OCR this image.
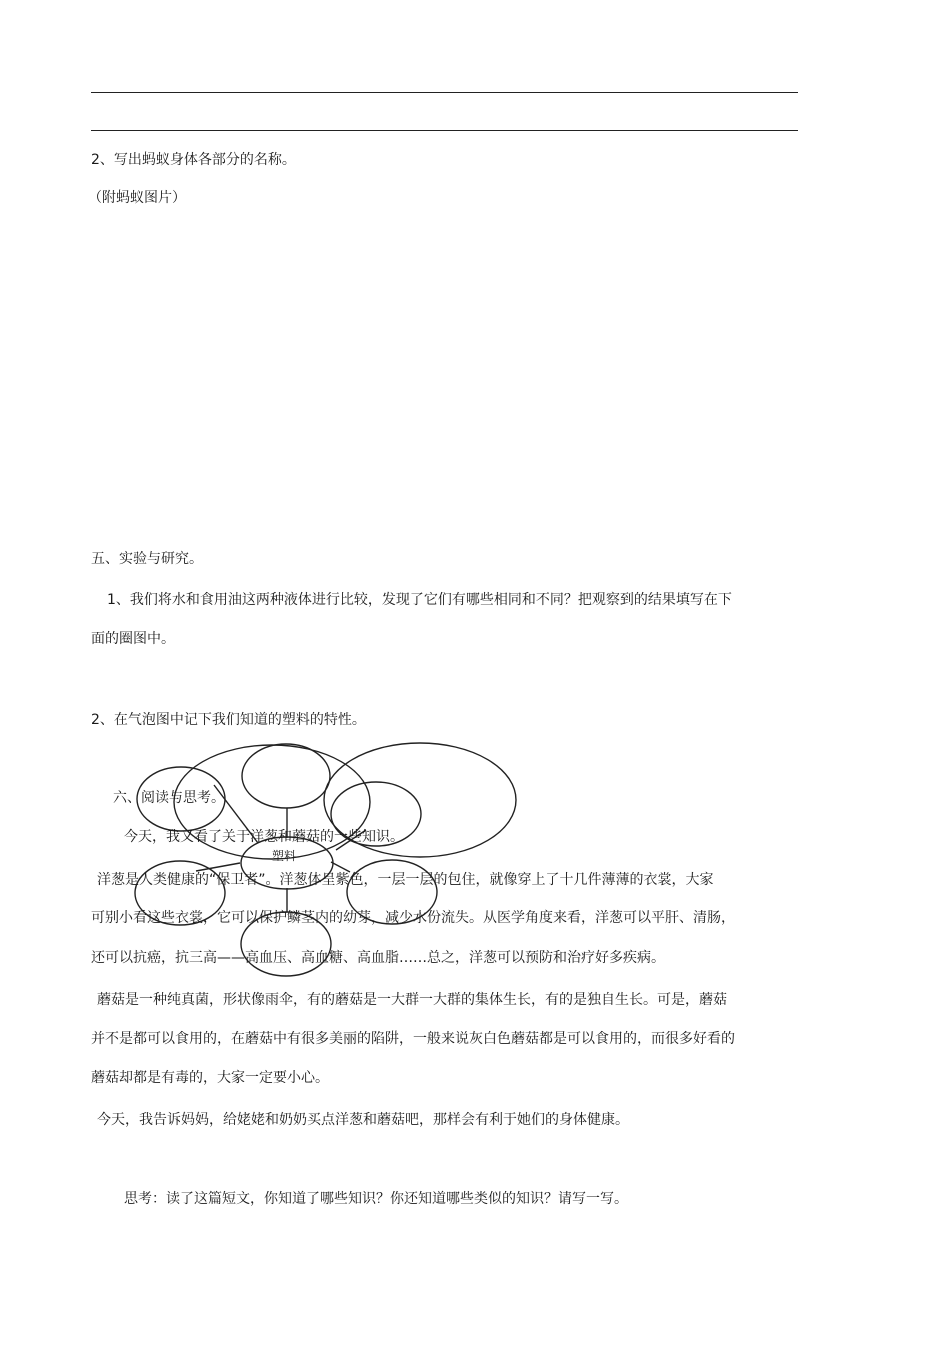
2、写出蚂蚁身体各部分的名称。
（附蚂蚁图片）
五、实验与研究。
1、我们将水和食用油这两种液体进行比较，发现了它们有哪些相同和不同？把观察到的结果填写在下
面的圈图中。
2、在气泡图中记下我们知道的塑料的特性。
塑料
六、阅读与思考。
今天，我又看了关于洋葱和蘑菇的一些知识。
洋葱是人类健康的“保卫者”。洋葱体呈紫色，一层一层的包住，就像穿上了十几件薄薄的衣裳，大家
可别小看这些衣裳，它可以保护鳞茎内的幼芽，减少水份流失。从医学角度来看，洋葱可以平肝、清肠，
还可以抗癌，抗三高——高血压、高血糖、高血脂……总之，洋葱可以预防和治疗好多疾病。
蘑菇是一种纯真菌，形状像雨伞，有的蘑菇是一大群一大群的集体生长，有的是独自生长。可是，蘑菇
并不是都可以食用的，在蘑菇中有很多美丽的陷阱，一般来说灰白色蘑菇都是可以食用的，而很多好看的
蘑菇却都是有毒的，大家一定要小心。
今天，我告诉妈妈，给姥姥和奶奶买点洋葱和蘑菇吧，那样会有利于她们的身体健康。
思考：读了这篇短文，你知道了哪些知识？你还知道哪些类似的知识？请写一写。
